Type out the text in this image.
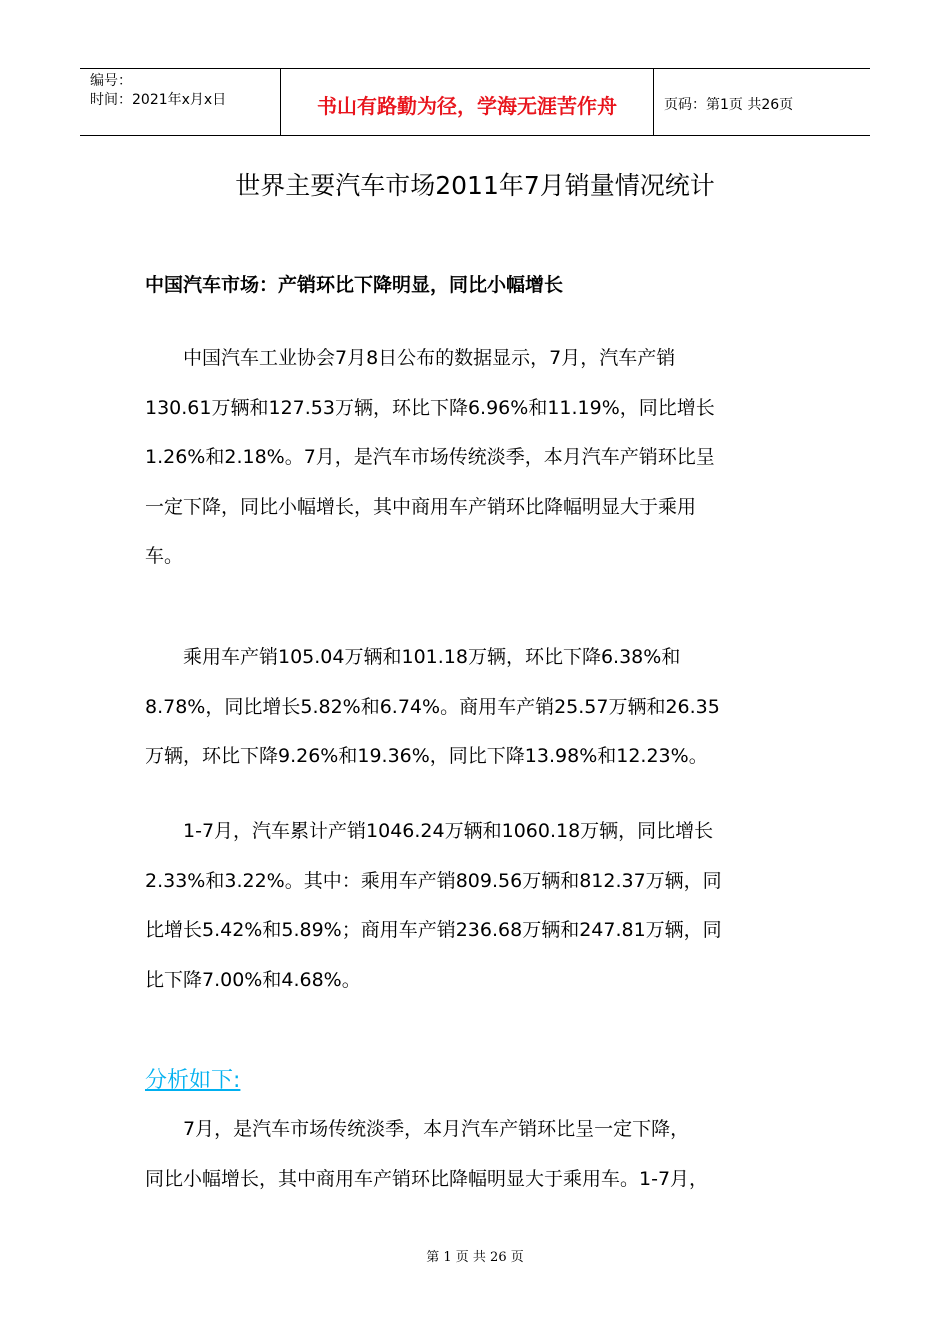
编号：
时间：2021年x月x日	书山有路勤为径，学海无涯苦作舟	页码：第1页 共26页
世界主要汽车市场2011年7月销量情况统计
中国汽车市场：产销环比下降明显，同比小幅增长

　　中国汽车工业协会7月8日公布的数据显示，7月，汽车产销
130.61万辆和127.53万辆，环比下降6.96%和11.19%，同比增长
1.26%和2.18%。7月，是汽车市场传统淡季，本月汽车产销环比呈
一定下降，同比小幅增长，其中商用车产销环比降幅明显大于乘用
车。

　　乘用车产销105.04万辆和101.18万辆，环比下降6.38%和
8.78%，同比增长5.82%和6.74%。商用车产销25.57万辆和26.35
万辆，环比下降9.26%和19.36%，同比下降13.98%和12.23%。

　　1-7月，汽车累计产销1046.24万辆和1060.18万辆，同比增长
2.33%和3.22%。其中：乘用车产销809.56万辆和812.37万辆，同
比增长5.42%和5.89%；商用车产销236.68万辆和247.81万辆，同
比下降7.00%和4.68%。

分析如下:

　　7月，是汽车市场传统淡季，本月汽车产销环比呈一定下降，
同比小幅增长，其中商用车产销环比降幅明显大于乘用车。1-7月，

第 1 页 共 26 页
